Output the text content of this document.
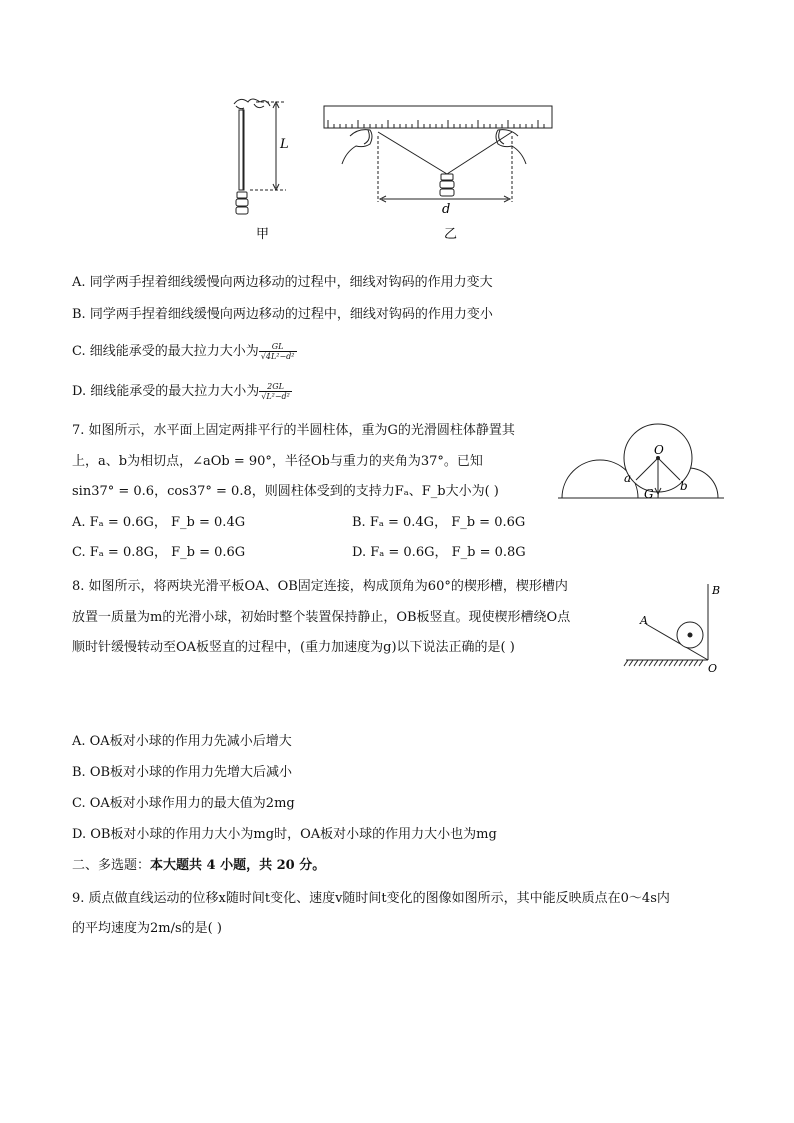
L
甲
d
乙
A. 同学两手捏着细线缓慢向两边移动的过程中，细线对钩码的作用力变大
B. 同学两手捏着细线缓慢向两边移动的过程中，细线对钩码的作用力变小
C. 细线能承受的最大拉力大小为 $\frac{GL}{\text{√4L²−d²}}$
D. 细线能承受的最大拉力大小为 $\frac{2GL}{\text{√L²−d²}}$
7. 如图所示，水平面上固定两排平行的半圆柱体，重为G的光滑圆柱体静置其
上，a、b为相切点，∠aOb = 90°，半径Ob与重力的夹角为37°。已知
sin37° = 0.6，cos37° = 0.8，则圆柱体受到的支持力Fₐ、F_b大小为( )
A. Fₐ = 0.6G， F_b = 0.4G	B. Fₐ = 0.4G， F_b = 0.6G
C. Fₐ = 0.8G， F_b = 0.6G	D. Fₐ = 0.6G， F_b = 0.8G
O
a
b
G
8. 如图所示，将两块光滑平板OA、OB固定连接，构成顶角为60°的楔形槽，楔形槽内
放置一质量为m的光滑小球，初始时整个装置保持静止，OB板竖直。现使楔形槽绕O点
顺时针缓慢转动至OA板竖直的过程中，(重力加速度为g)以下说法正确的是( )
A
B
O
A. OA板对小球的作用力先减小后增大
B. OB板对小球的作用力先增大后减小
C. OA板对小球作用力的最大值为2mg
D. OB板对小球的作用力大小为mg时，OA板对小球的作用力大小也为mg
二、多选题：本大题共 4 小题，共 20 分。
9. 质点做直线运动的位移x随时间t变化、速度v随时间t变化的图像如图所示，其中能反映质点在0～4s内
的平均速度为2m/s的是( )
